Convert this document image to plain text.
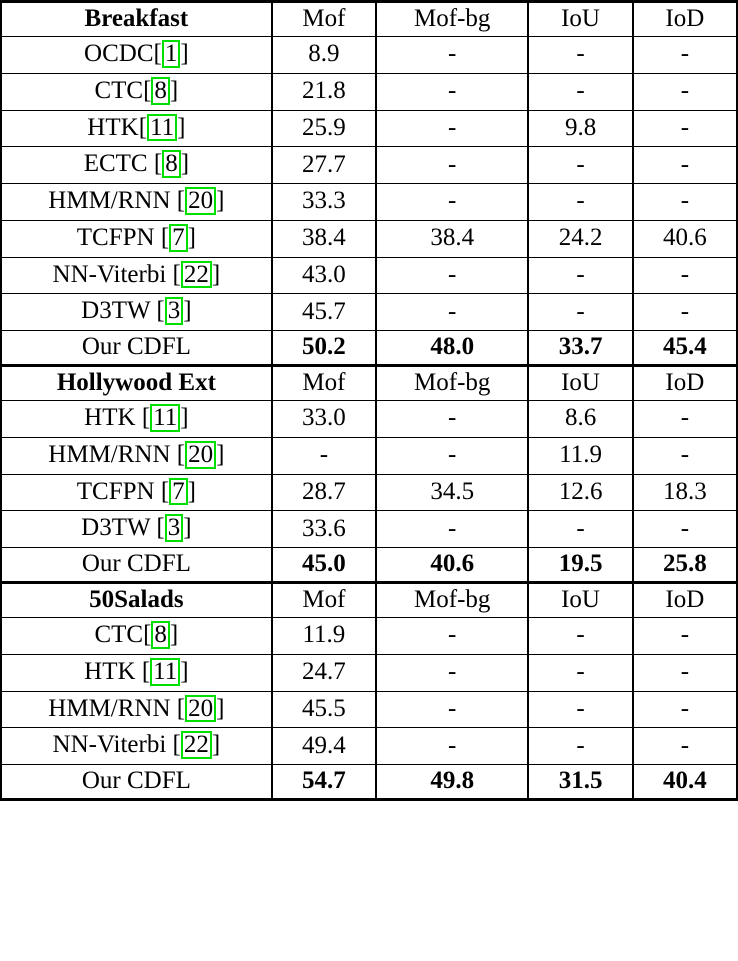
Breakfast	Mof	Mof-bg	IoU	IoD
OCDC[ 1 ]	8.9	-	-	-
CTC[ 8 ]	21.8	-	-	-
HTK[ 11 ]	25.9	-	9.8	-
ECTC [ 8 ]	27.7	-	-	-
HMM/RNN [ 20 ]	33.3	-	-	-
TCFPN [ 7 ]	38.4	38.4	24.2	40.6
NN-Viterbi [ 22 ]	43.0	-	-	-
D3TW [ 3 ]	45.7	-	-	-
Our CDFL	50.2	48.0	33.7	45.4
Hollywood Ext	Mof	Mof-bg	IoU	IoD
HTK [ 11 ]	33.0	-	8.6	-
HMM/RNN [ 20 ]	-	-	11.9	-
TCFPN [ 7 ]	28.7	34.5	12.6	18.3
D3TW [ 3 ]	33.6	-	-	-
Our CDFL	45.0	40.6	19.5	25.8
50Salads	Mof	Mof-bg	IoU	IoD
CTC[ 8 ]	11.9	-	-	-
HTK [ 11 ]	24.7	-	-	-
HMM/RNN [ 20 ]	45.5	-	-	-
NN-Viterbi [ 22 ]	49.4	-	-	-
Our CDFL	54.7	49.8	31.5	40.4
